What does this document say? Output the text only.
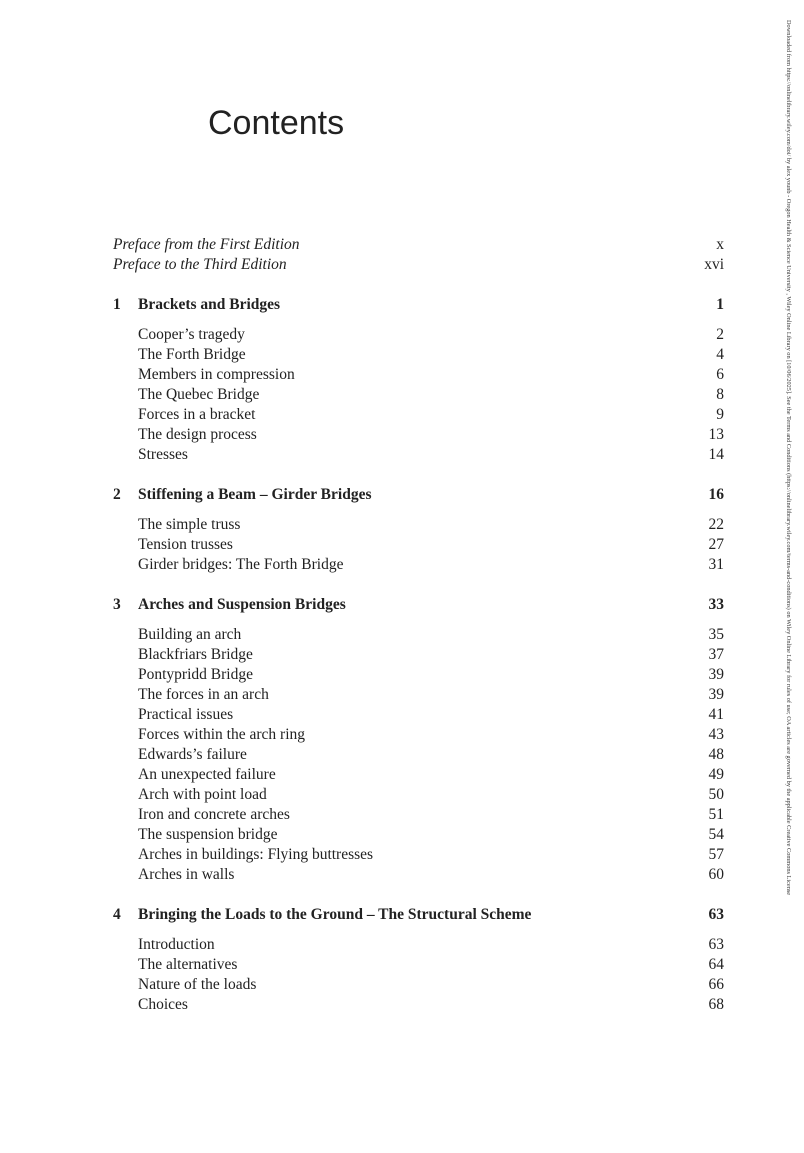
Contents
Preface from the First Edition	x
Preface to the Third Edition	xvi
1	Brackets and Bridges	1
Cooper’s tragedy	2
The Forth Bridge	4
Members in compression	6
The Quebec Bridge	8
Forces in a bracket	9
The design process	13
Stresses	14
2	Stiffening a Beam – Girder Bridges	16
The simple truss	22
Tension trusses	27
Girder bridges: The Forth Bridge	31
3	Arches and Suspension Bridges	33
Building an arch	35
Blackfriars Bridge	37
Pontypridd Bridge	39
The forces in an arch	39
Practical issues	41
Forces within the arch ring	43
Edwards’s failure	48
An unexpected failure	49
Arch with point load	50
Iron and concrete arches	51
The suspension bridge	54
Arches in buildings: Flying buttresses	57
Arches in walls	60
4	Bringing the Loads to the Ground – The Structural Scheme	63
Introduction	63
The alternatives	64
Nature of the loads	66
Choices	68
Downloaded from https://onlinelibrary.wiley.com/doi/ by alex younb - Oregon Health & Science University , Wiley Online Library on [10/06/2025]. See the Terms and Conditions (https://onlinelibrary.wiley.com/terms-and-conditions) on Wiley Online Library for rules of use; OA articles are governed by the applicable Creative Commons License
